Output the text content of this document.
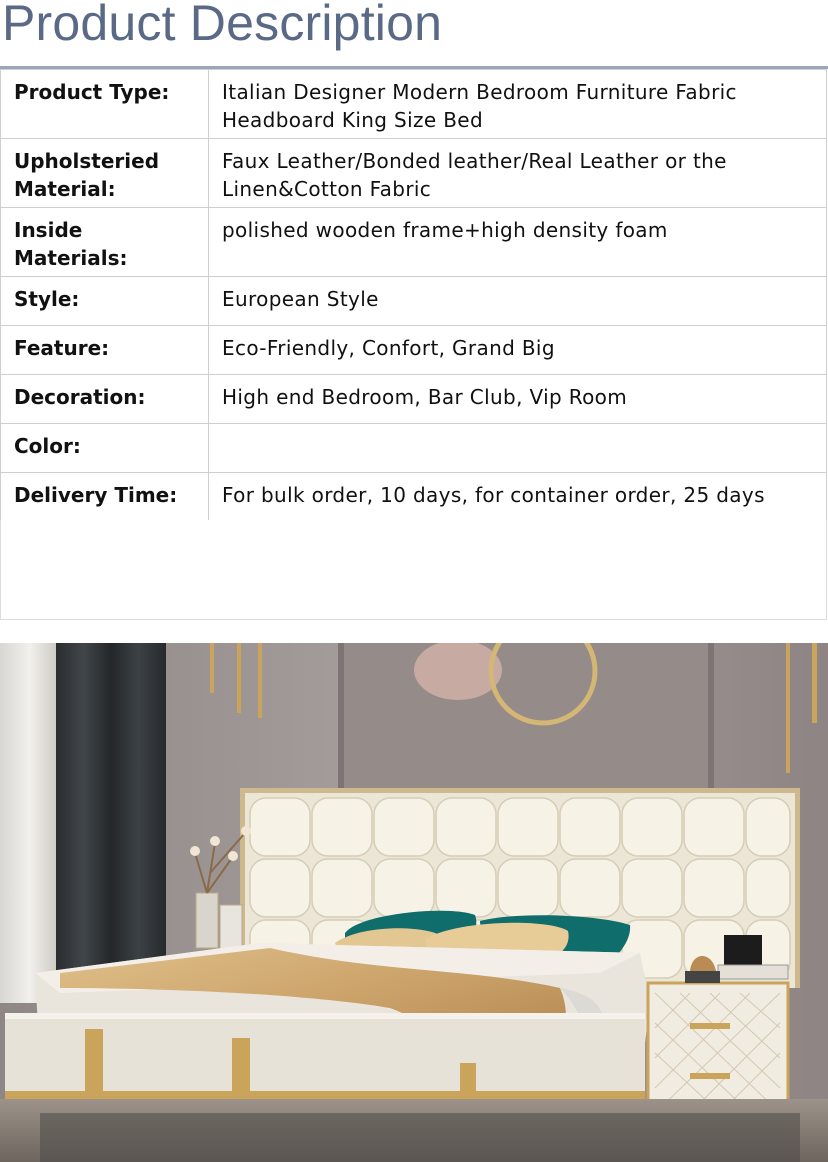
Product Description
Product Type:	Italian Designer Modern Bedroom Furniture Fabric Headboard King Size Bed
Upholsteried Material:	Faux Leather/Bonded leather/Real Leather or the Linen&Cotton Fabric
Inside Materials:	polished wooden frame+high density foam
Style:	European Style
Feature:	Eco-Friendly, Confort, Grand Big
Decoration:	High end Bedroom, Bar Club, Vip Room
Color:	
Delivery Time:	For bulk order, 10 days, for container order, 25 days
